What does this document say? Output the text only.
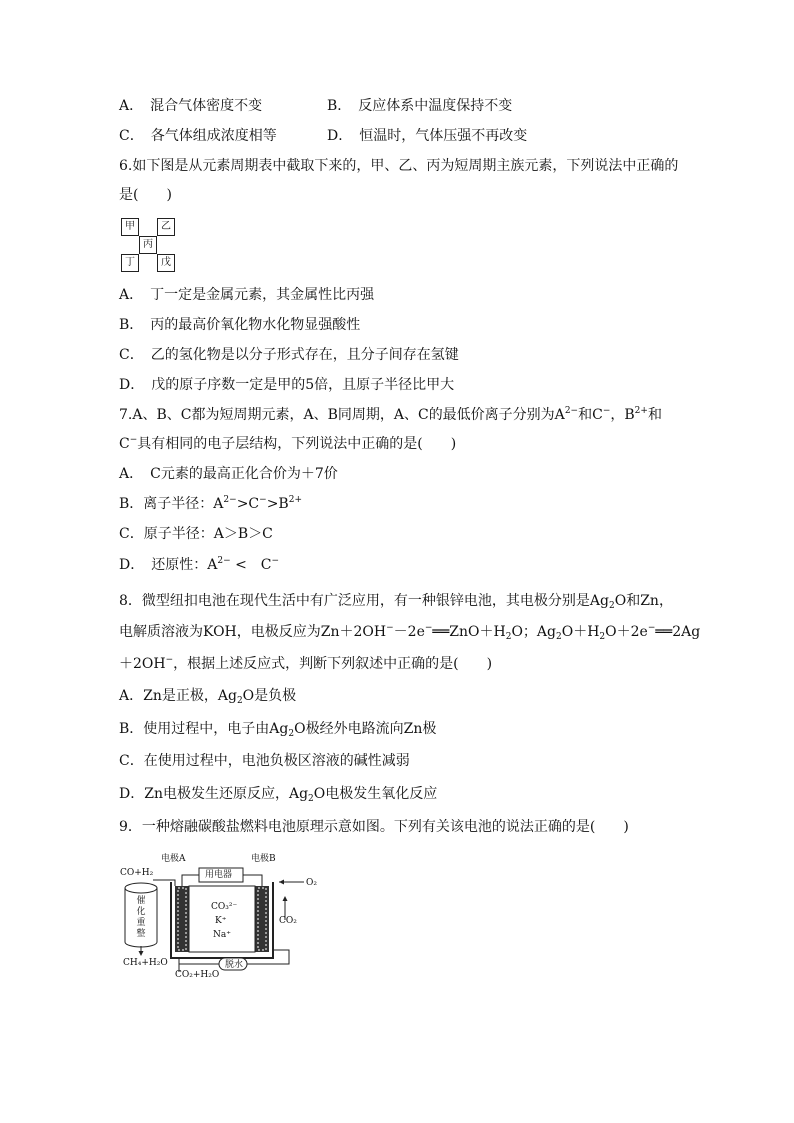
A．　混合气体密度不变	B．　反应体系中温度保持不变
C．　各气体组成浓度相等	D．　恒温时，气体压强不再改变
6.如下图是从元素周期表中截取下来的，甲、乙、丙为短周期主族元素，下列说法中正确的
是(　　)
甲	乙
丙
丁	戊
A．　丁一定是金属元素，其金属性比丙强
B．　丙的最高价氧化物水化物显强酸性
C．　乙的氢化物是以分子形式存在，且分子间存在氢键
D．　戊的原子序数一定是甲的5倍，且原子半径比甲大
7.A、B、C都为短周期元素，A、B同周期，A、C的最低价离子分别为$A^{2-}$和C−，$B^{2+}$和
C−具有相同的电子层结构，下列说法中正确的是(　　)
A．　C元素的最高正化合价为＋7价
B．离子半径：$A^{2-}>C^->B^{2+}$
C．原子半径：A＞B＞C
D．　还原性：$A^{2-}$ <　C−
8．微型纽扣电池在现代生活中有广泛应用，有一种银锌电池，其电极分别是$Ag_2O$和Zn，
电解质溶液为KOH，电极反应为$Zn+2OH^--2e^-══ZnO+H_2O$；$Ag_2O+H_2O+2e^-══2Ag$
＋2OH−，根据上述反应式，判断下列叙述中正确的是(　　)
A．Zn是正极，$Ag_2O$是负极
B．使用过程中，电子由$Ag_2O$极经外电路流向Zn极
C．在使用过程中，电池负极区溶液的碱性减弱
D．Zn电极发生还原反应，$Ag_2O$电极发生氧化反应
9．一种熔融碳酸盐燃料电池原理示意如图。下列有关该电池的说法正确的是(　　)
电极A	电极B
用电器
CO+H₂
O₂
CO₂
催化重整
CH₄+H₂O
CO₂+H₂O
脱水
CO₃²⁻
K⁺
Na⁺
